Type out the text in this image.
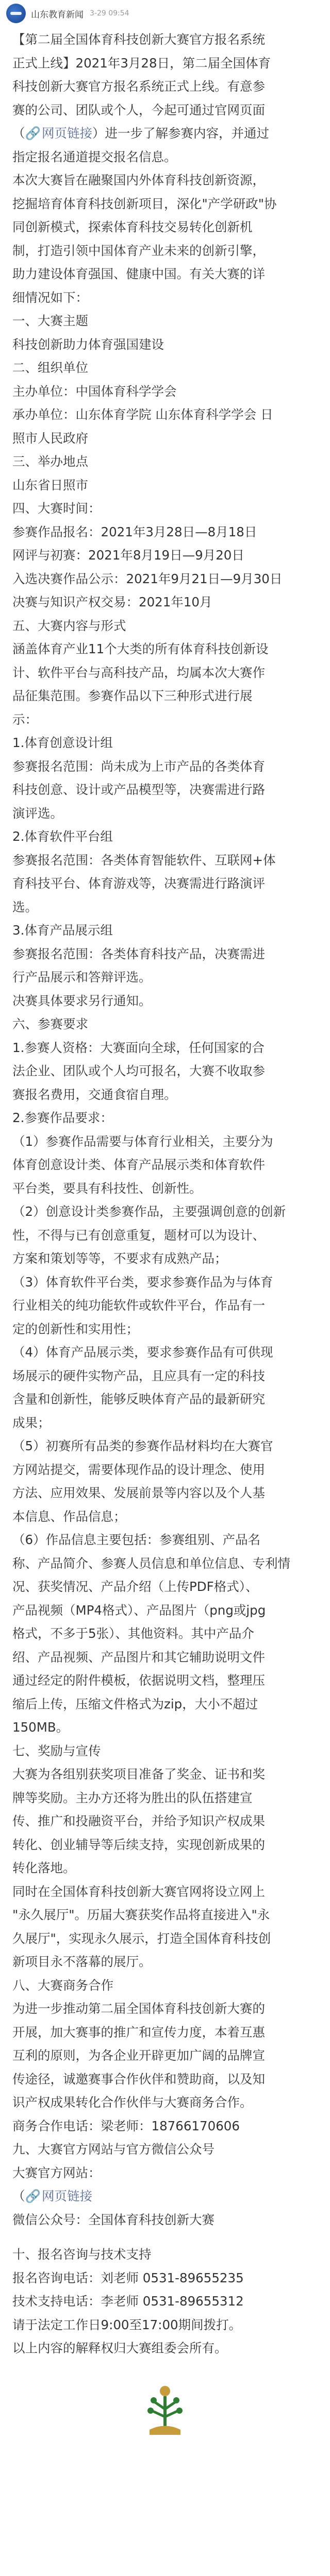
山东教育新闻 3-29 09:54
【第二届全国体育科技创新大赛官方报名系统
正式上线】2021年3月28日，第二届全国体育
科技创新大赛官方报名系统正式上线。有意参
赛的公司、团队或个人，今起可通过官网页面
（🔗网页链接）进一步了解参赛内容，并通过
指定报名通道提交报名信息。
本次大赛旨在融聚国内外体育科技创新资源，
挖掘培育体育科技创新项目，深化"产学研政"协
同创新模式，探索体育科技交易转化创新机
制，打造引领中国体育产业未来的创新引擎，
助力建设体育强国、健康中国。有关大赛的详
细情况如下：
一、大赛主题
科技创新助力体育强国建设
二、组织单位
主办单位：中国体育科学学会
承办单位：山东体育学院 山东体育科学学会 日
照市人民政府
三、举办地点
山东省日照市
四、大赛时间：
参赛作品报名：2021年3月28日—8月18日
网评与初赛：2021年8月19日—9月20日
入选决赛作品公示：2021年9月21日—9月30日
决赛与知识产权交易：2021年10月
五、大赛内容与形式
涵盖体育产业11个大类的所有体育科技创新设
计、软件平台与高科技产品，均属本次大赛作
品征集范围。参赛作品以下三种形式进行展
示：
1.体育创意设计组
参赛报名范围：尚未成为上市产品的各类体育
科技创意、设计或产品模型等，决赛需进行路
演评选。
2.体育软件平台组
参赛报名范围：各类体育智能软件、互联网+体
育科技平台、体育游戏等，决赛需进行路演评
选。
3.体育产品展示组
参赛报名范围：各类体育科技产品，决赛需进
行产品展示和答辩评选。
决赛具体要求另行通知。
六、参赛要求
1.参赛人资格：大赛面向全球，任何国家的合
法企业、团队或个人均可报名，大赛不收取参
赛报名费用，交通食宿自理。
2.参赛作品要求：
（1）参赛作品需要与体育行业相关，主要分为
体育创意设计类、体育产品展示类和体育软件
平台类，要具有科技性、创新性。
（2）创意设计类参赛作品，主要强调创意的创新
性，不得与已有创意重复，题材可以为设计、
方案和策划等等，不要求有成熟产品；
（3）体育软件平台类，要求参赛作品为与体育
行业相关的纯功能软件或软件平台，作品有一
定的创新性和实用性；
（4）体育产品展示类，要求参赛作品有可供现
场展示的硬件实物产品，且应具有一定的科技
含量和创新性，能够反映体育产品的最新研究
成果；
（5）初赛所有品类的参赛作品材料均在大赛官
方网站提交，需要体现作品的设计理念、使用
方法、应用效果、发展前景等内容以及个人基
本信息、作品信息；
（6）作品信息主要包括：参赛组别、产品名
称、产品简介、参赛人员信息和单位信息、专利情
况、获奖情况、产品介绍（上传PDF格式）、
产品视频（MP4格式）、产品图片（png或jpg
格式，不多于5张）、其他资料。其中产品介
绍、产品视频、产品图片和其它辅助说明文件
通过经定的附件模板，依据说明文档，整理压
缩后上传，压缩文件格式为zip，大小不超过
150MB。
七、奖励与宣传
大赛为各组别获奖项目准备了奖金、证书和奖
牌等奖励。主办方还将为胜出的队伍搭建宣
传、推广和投融资平台，并给予知识产权成果
转化、创业辅导等后续支持，实现创新成果的
转化落地。
同时在全国体育科技创新大赛官网将设立网上
"永久展厅"。历届大赛获奖作品将直接进入"永
久展厅"，实现永久展示，打造全国体育科技创
新项目永不落幕的展厅。
八、大赛商务合作
为进一步推动第二届全国体育科技创新大赛的
开展，加大赛事的推广和宣传力度，本着互惠
互利的原则，为各企业开辟更加广阔的品牌宣
传途径，诚邀赛事合作伙伴和赞助商，以及知
识产权成果转化合作伙伴与大赛商务合作。
商务合作电话：梁老师：18766170606
九、大赛官方网站与官方微信公众号
大赛官方网站：
（🔗网页链接
微信公众号：全国体育科技创新大赛
十、报名咨询与技术支持
报名咨询电话：刘老师 0531-89655235
技术支持电话：李老师 0531-89655312
请于法定工作日9:00至17:00期间拨打。
以上内容的解释权归大赛组委会所有。
